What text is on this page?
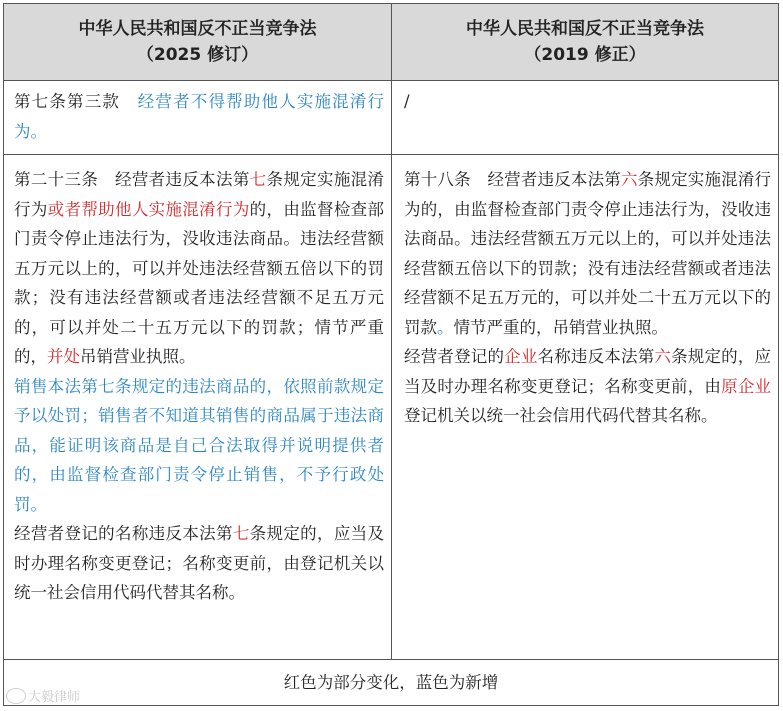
中华人民共和国反不正当竞争法
（2025 修订）
中华人民共和国反不正当竞争法
（2019 修正）
第七条第三款　 经营者不得帮助他人实施混淆行为。
/

第二十三条　经营者违反本法第七条规定实施混淆行为或者帮助他人实施混淆行为的，由监督检查部门责令停止违法行为，没收违法商品。违法经营额五万元以上的，可以并处违法经营额五倍以下的罚款；没有违法经营额或者违法经营额不足五万元的，可以并处二十五万元以下的罚款；情节严重的，并处吊销营业执照。

销售本法第七条规定的违法商品的，依照前款规定予以处罚；销售者不知道其销售的商品属于违法商品，能证明该商品是自己合法取得并说明提供者的，由监督检查部门责令停止销售，不予行政处罚。

经营者登记的名称违反本法第七条规定的，应当及时办理名称变更登记；名称变更前，由登记机关以统一社会信用代码代替其名称。

第十八条　经营者违反本法第六条规定实施混淆行为的，由监督检查部门责令停止违法行为，没收违法商品。违法经营额五万元以上的，可以并处违法经营额五倍以下的罚款；没有违法经营额或者违法经营额不足五万元的，可以并处二十五万元以下的罚款。情节严重的，吊销营业执照。

经营者登记的企业名称违反本法第六条规定的，应当及时办理名称变更登记；名称变更前，由原企业登记机关以统一社会信用代码代替其名称。

红色为部分变化，蓝色为新增
大毅律师
